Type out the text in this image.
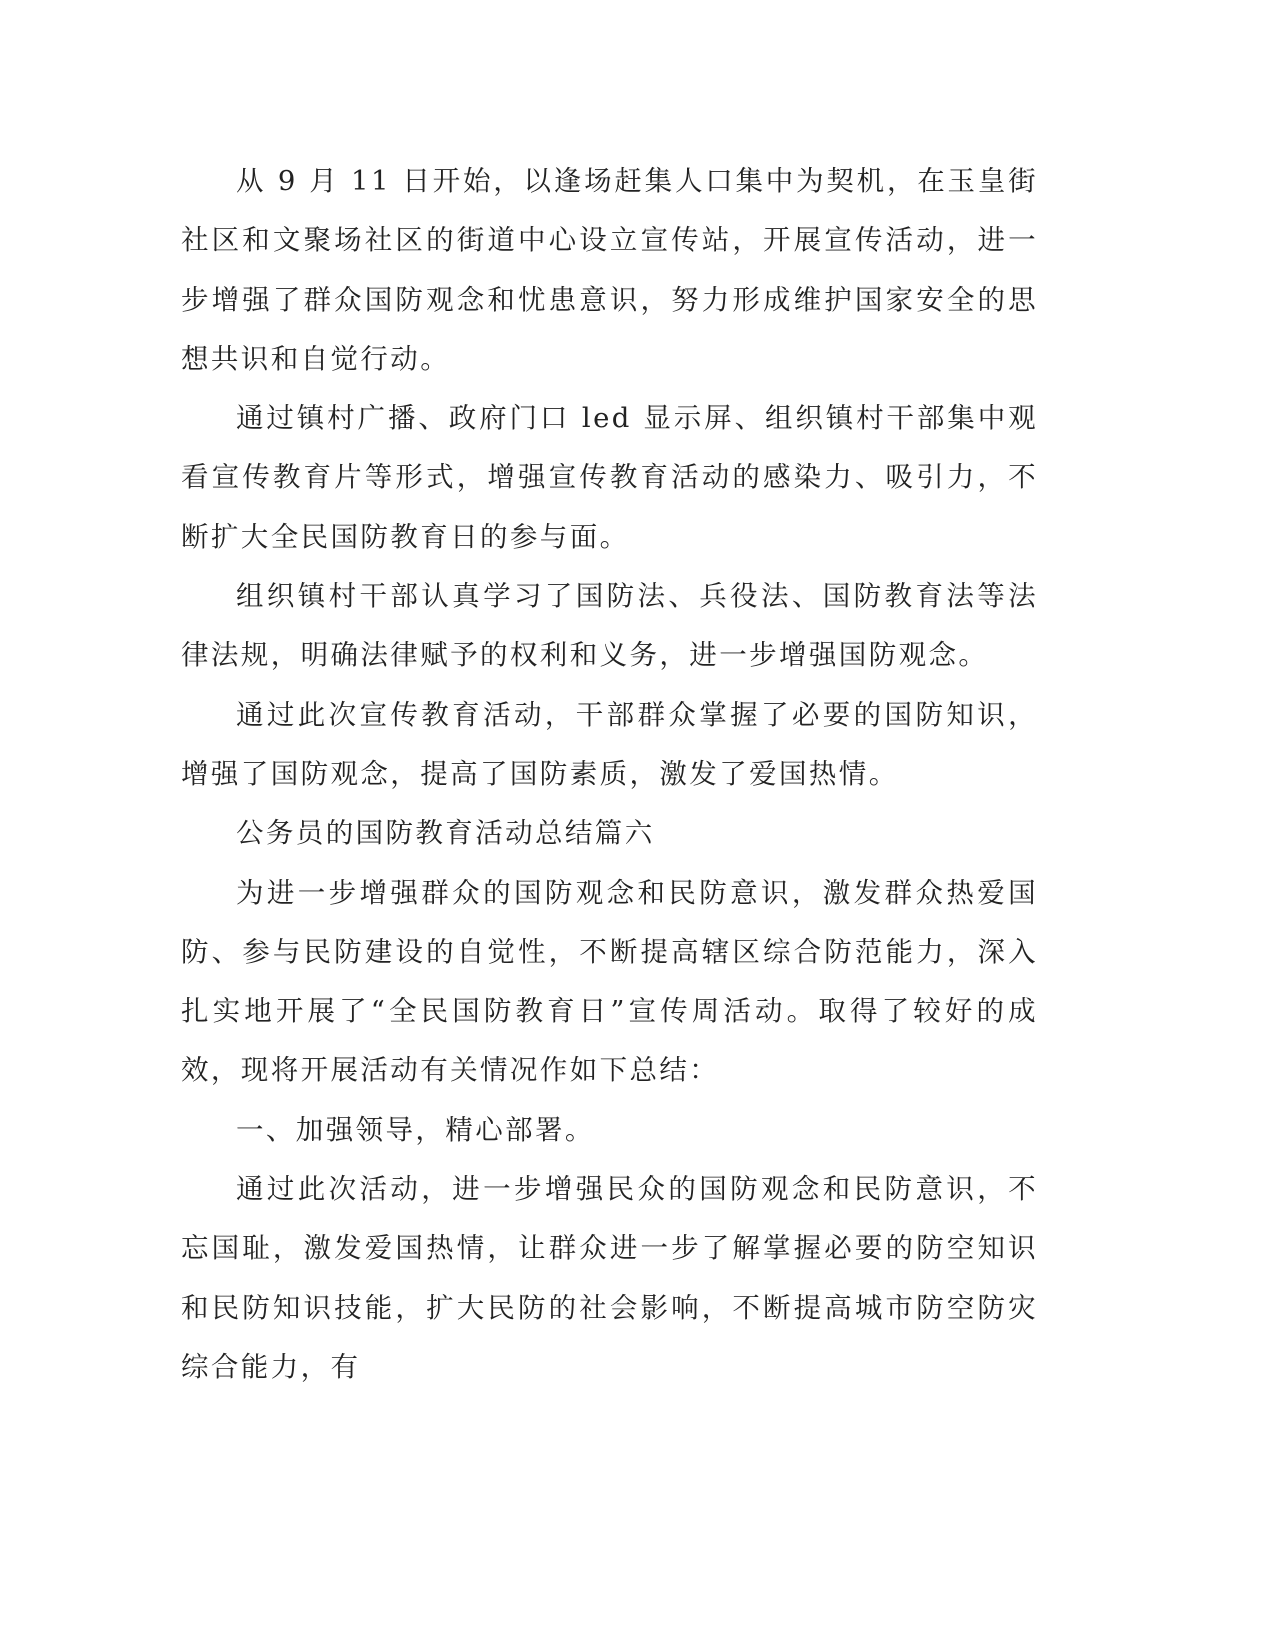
从 9 月 11 日开始，以逢场赶集人口集中为契机，在玉皇街社区和文聚场社区的街道中心设立宣传站，开展宣传活动，进一步增强了群众国防观念和忧患意识，努力形成维护国家安全的思想共识和自觉行动。

通过镇村广播、政府门口 led 显示屏、组织镇村干部集中观看宣传教育片等形式，增强宣传教育活动的感染力、吸引力，不断扩大全民国防教育日的参与面。

组织镇村干部认真学习了国防法、兵役法、国防教育法等法律法规，明确法律赋予的权利和义务，进一步增强国防观念。

通过此次宣传教育活动，干部群众掌握了必要的国防知识，增强了国防观念，提高了国防素质，激发了爱国热情。

公务员的国防教育活动总结篇六

为进一步增强群众的国防观念和民防意识，激发群众热爱国防、参与民防建设的自觉性，不断提高辖区综合防范能力，深入扎实地开展了“全民国防教育日”宣传周活动。取得了较好的成效，现将开展活动有关情况作如下总结：

一、加强领导，精心部署。

通过此次活动，进一步增强民众的国防观念和民防意识，不忘国耻，激发爱国热情，让群众进一步了解掌握必要的防空知识和民防知识技能，扩大民防的社会影响，不断提高城市防空防灾综合能力，有
